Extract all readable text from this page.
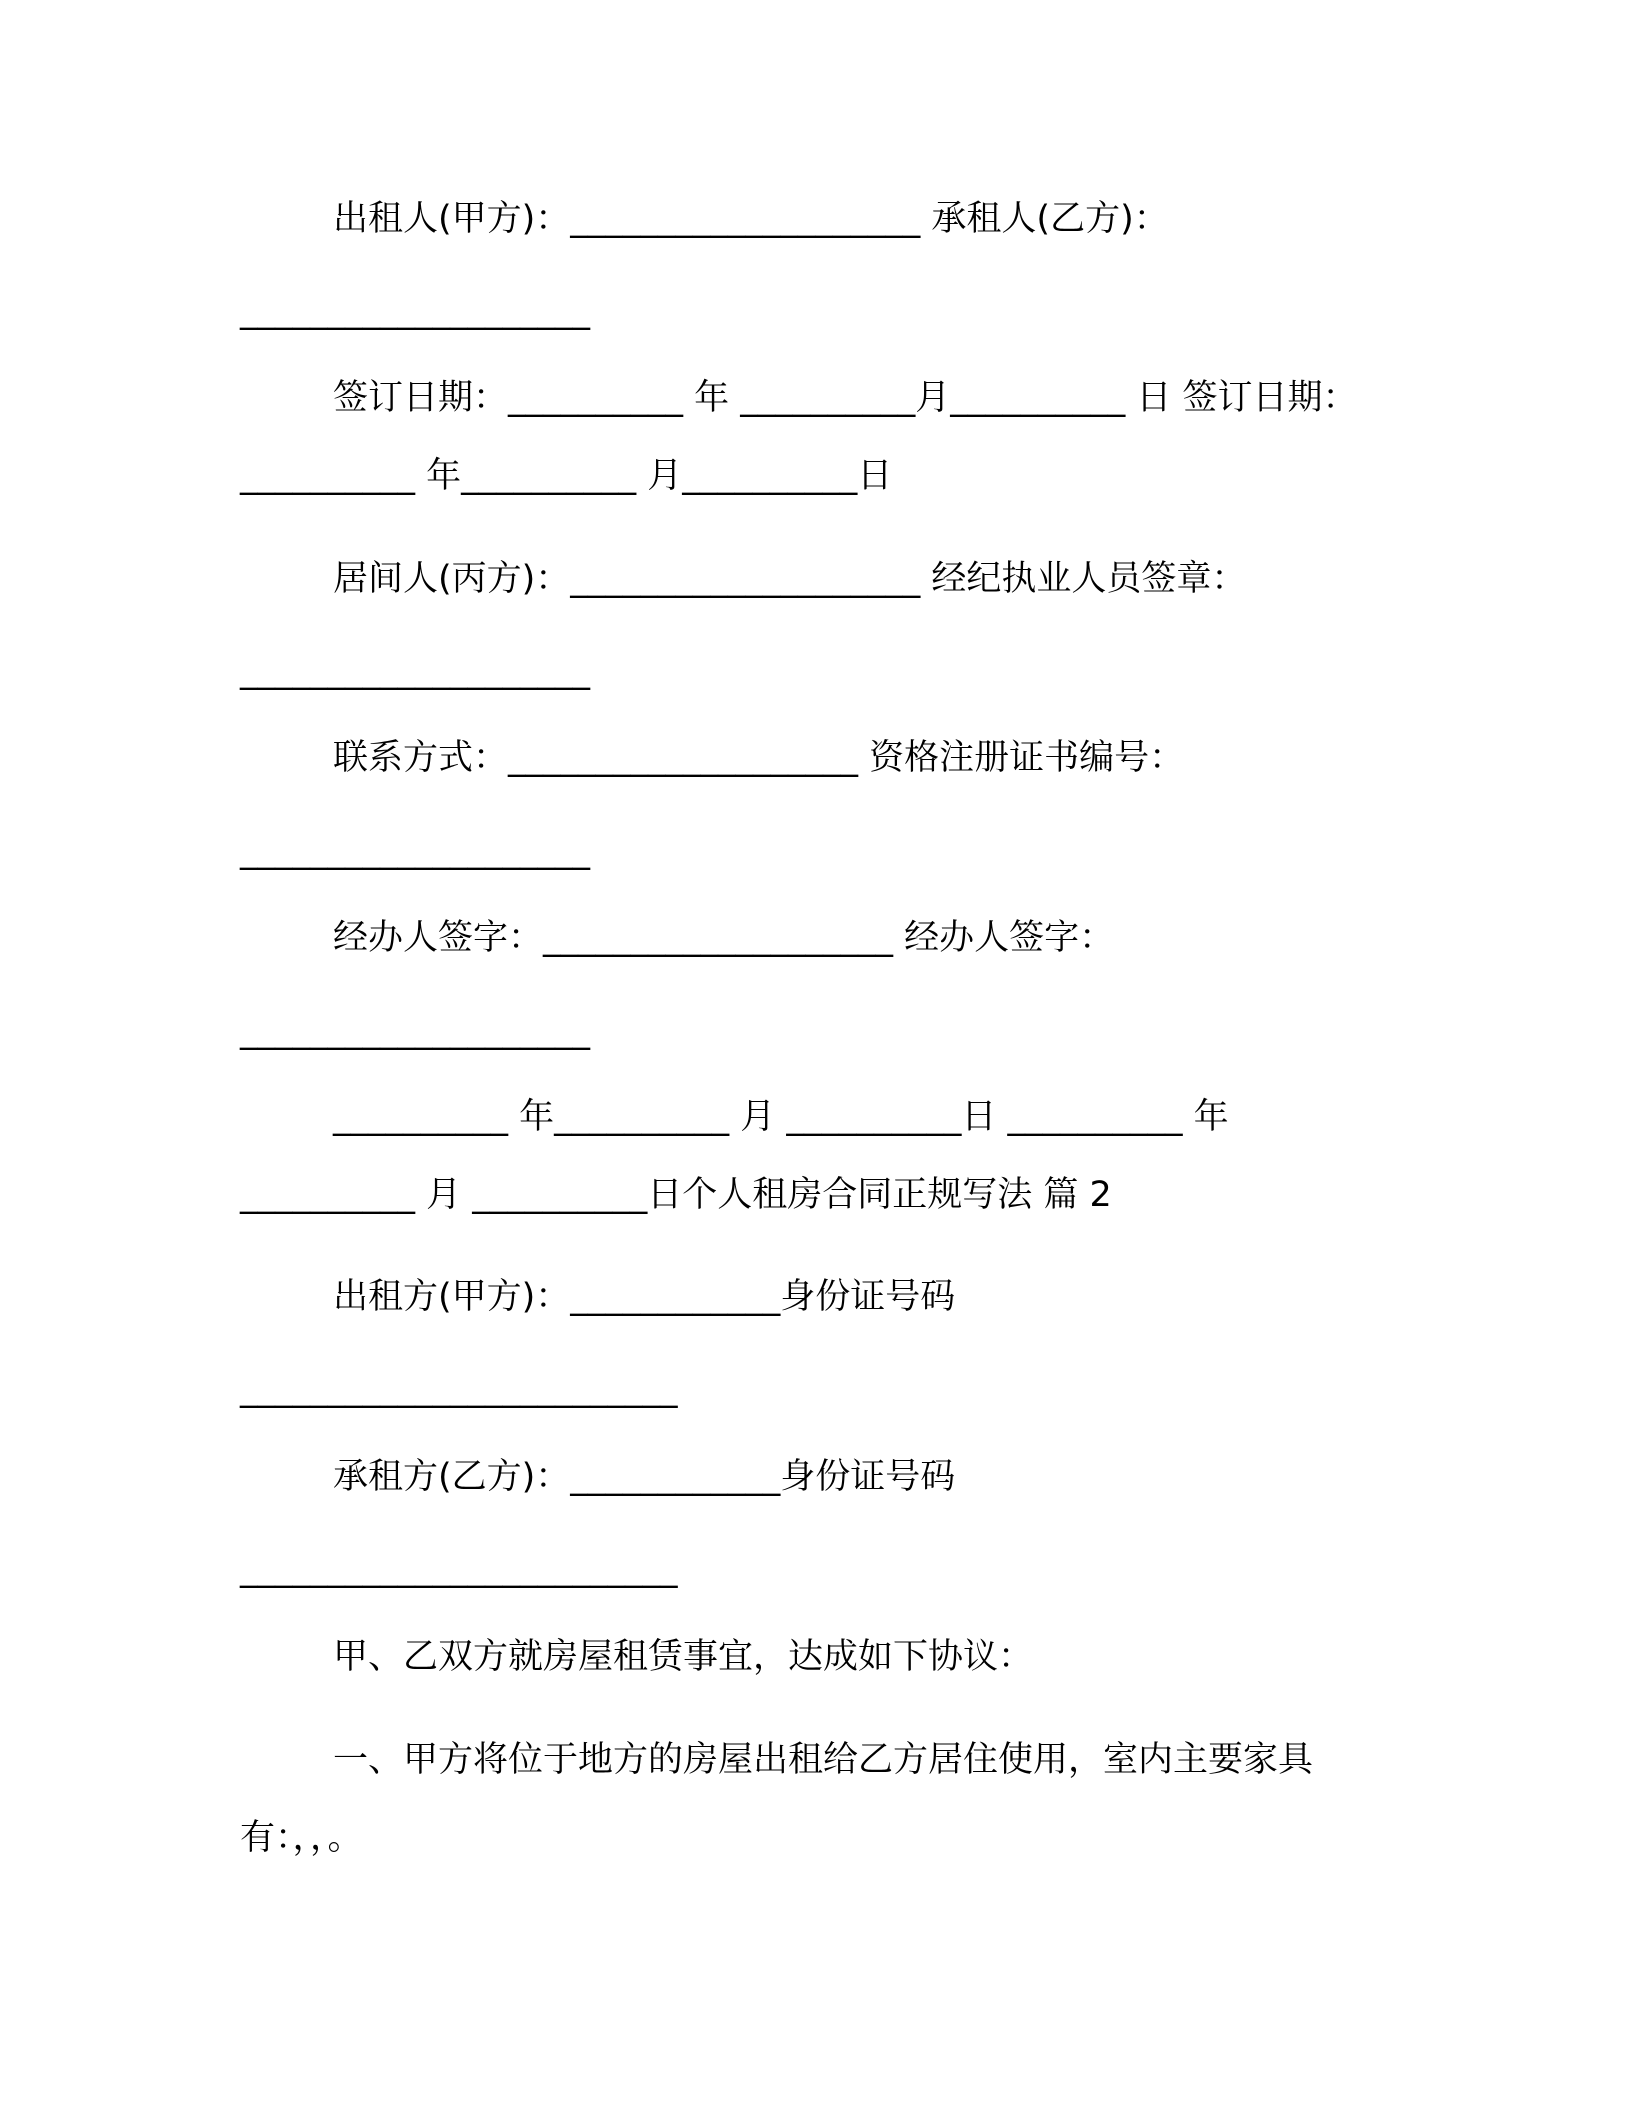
出租人(甲方)：____________________ 承租人(乙方)：
____________________
签订日期：__________ 年 __________月__________ 日 签订日期：
__________ 年__________ 月__________日
居间人(丙方)：____________________ 经纪执业人员签章：
____________________
联系方式：____________________ 资格注册证书编号：
____________________
经办人签字：____________________ 经办人签字：
____________________
__________ 年__________ 月 __________日 __________ 年
__________ 月 __________日个人租房合同正规写法 篇 2
出租方(甲方)：____________身份证号码
_________________________
承租方(乙方)：____________身份证号码
_________________________
甲、乙双方就房屋租赁事宜，达成如下协议：
一、甲方将位于地方的房屋出租给乙方居住使用，室内主要家具
有：，，。
